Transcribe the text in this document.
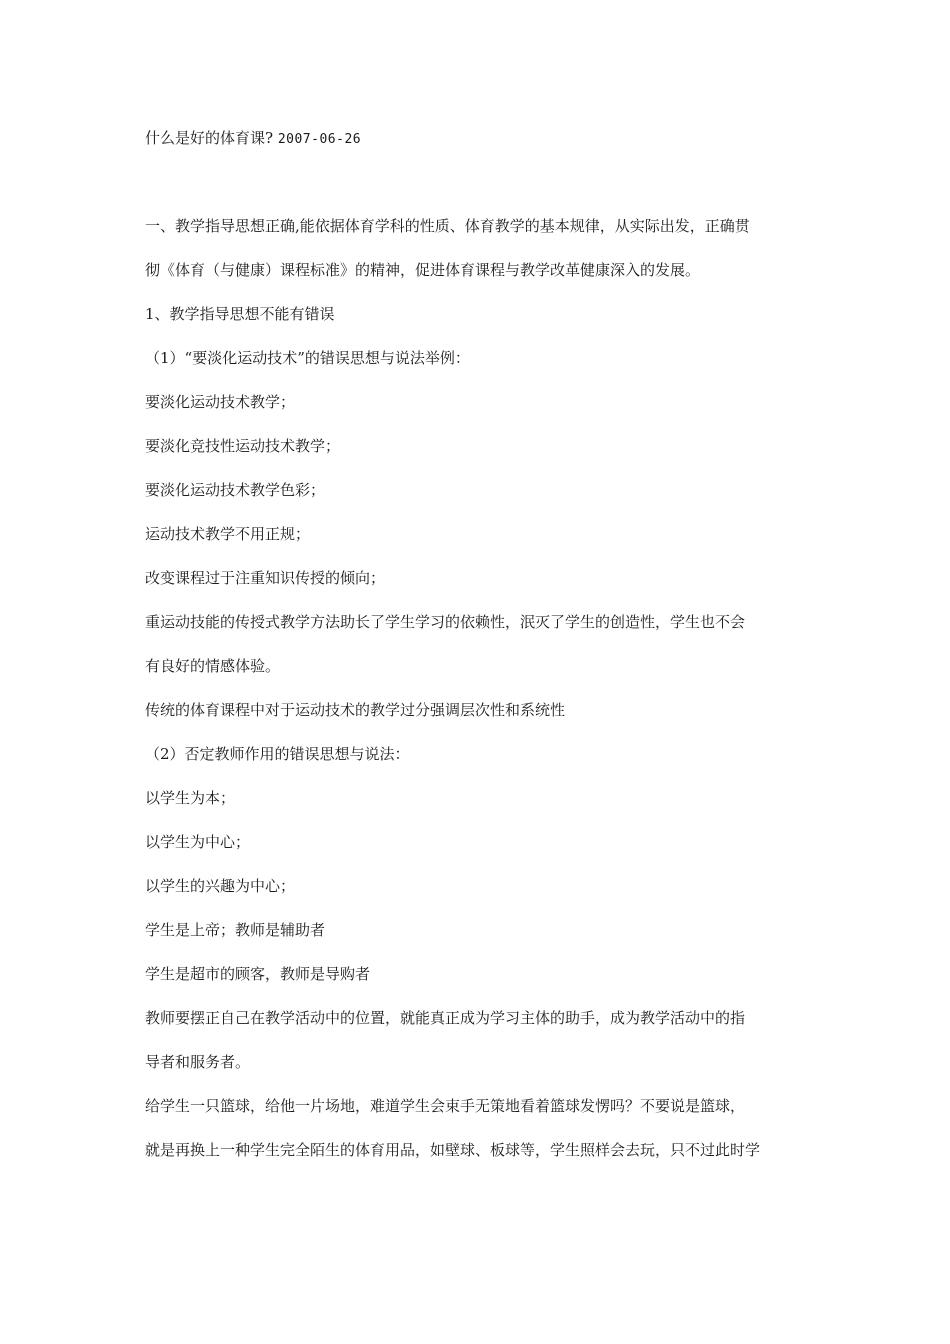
什么是好的体育课? 2007-06-26

一、教学指导思想正确,能依据体育学科的性质、体育教学的基本规律，从实际出发，正确贯
彻《体育（与健康）课程标准》的精神，促进体育课程与教学改革健康深入的发展。

1、教学指导思想不能有错误

（1）“要淡化运动技术”的错误思想与说法举例：

要淡化运动技术教学；

要淡化竞技性运动技术教学；

要淡化运动技术教学色彩；

运动技术教学不用正规；

改变课程过于注重知识传授的倾向；

重运动技能的传授式教学方法助长了学生学习的依赖性，泯灭了学生的创造性，学生也不会
有良好的情感体验。

传统的体育课程中对于运动技术的教学过分强调层次性和系统性

（2）否定教师作用的错误思想与说法：

以学生为本；

以学生为中心；

以学生的兴趣为中心；

学生是上帝；教师是辅助者

学生是超市的顾客，教师是导购者

教师要摆正自己在教学活动中的位置，就能真正成为学习主体的助手，成为教学活动中的指
导者和服务者。

给学生一只篮球，给他一片场地，难道学生会束手无策地看着篮球发愣吗？不要说是篮球，
就是再换上一种学生完全陌生的体育用品，如壁球、板球等，学生照样会去玩，只不过此时学
